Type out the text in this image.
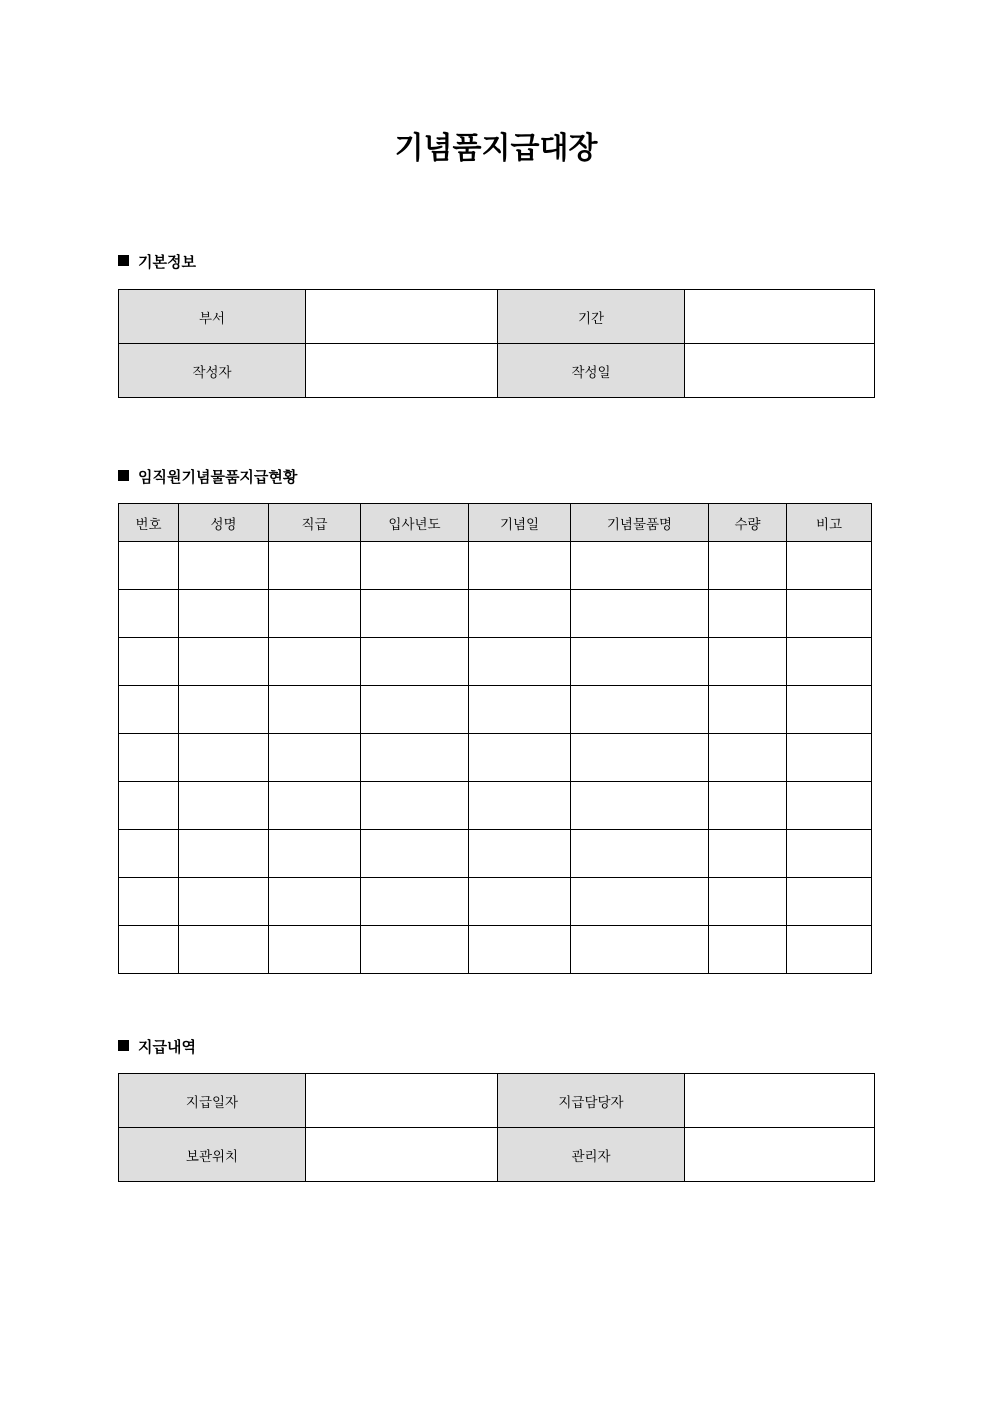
기념품지급대장
기본정보
부서		기간	
작성자		작성일	
임직원기념물품지급현황
번호	성명	직급	입사년도	기념일	기념물품명	수량	비고

지급내역
지급일자		지급담당자	
보관위치		관리자	
